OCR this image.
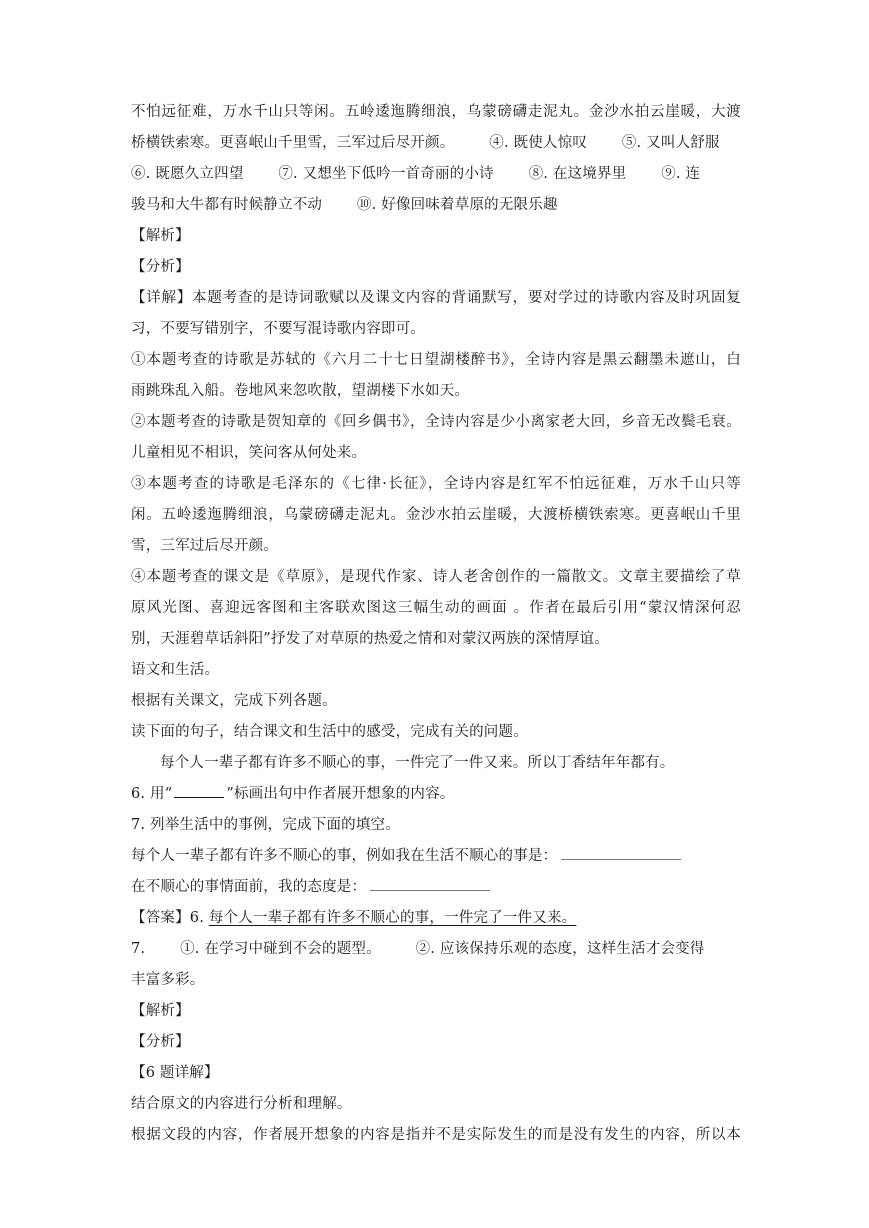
不怕远征难，万水千山只等闲。五岭逶迤腾细浪，乌蒙磅礴走泥丸。金沙水拍云崖暖，大渡
桥横铁索寒。更喜岷山千里雪，三军过后尽开颜。 ④. 既使人惊叹 ⑤. 又叫人舒服
⑥. 既愿久立四望 ⑦. 又想坐下低吟一首奇丽的小诗 ⑧. 在这境界里 ⑨. 连
骏马和大牛都有时候静立不动 ⑩. 好像回味着草原的无限乐趣
【解析】
【分析】
【详解】本题考查的是诗词歌赋以及课文内容的背诵默写，要对学过的诗歌内容及时巩固复
习，不要写错别字，不要写混诗歌内容即可。
①本题考查的诗歌是苏轼的《六月二十七日望湖楼醉书》，全诗内容是黑云翻墨未遮山，白
雨跳珠乱入船。卷地风来忽吹散，望湖楼下水如天。
②本题考查的诗歌是贺知章的《回乡偶书》，全诗内容是少小离家老大回，乡音无改鬓毛衰。
儿童相见不相识，笑问客从何处来。
③本题考查的诗歌是毛泽东的《七律·长征》，全诗内容是红军不怕远征难，万水千山只等
闲。五岭逶迤腾细浪，乌蒙磅礴走泥丸。金沙水拍云崖暖，大渡桥横铁索寒。更喜岷山千里
雪，三军过后尽开颜。
④本题考查的课文是《草原》，是现代作家、诗人老舍创作的一篇散文。文章主要描绘了草
原风光图、喜迎远客图和主客联欢图这三幅生动的画面 。作者在最后引用“蒙汉情深何忍
别，天涯碧草话斜阳”抒发了对草原的热爱之情和对蒙汉两族的深情厚谊。
语文和生活。
根据有关课文，完成下列各题。
读下面的句子，结合课文和生活中的感受，完成有关的问题。
每个人一辈子都有许多不顺心的事，一件完了一件又来。所以丁香结年年都有。
6. 用“	”标画出句中作者展开想象的内容。
7. 列举生活中的事例，完成下面的填空。
每个人一辈子都有许多不顺心的事，例如我在生活不顺心的事是：
在不顺心的事情面前，我的态度是：
【答案】6. 每个人一辈子都有许多不顺心的事，一件完了一件又来。
7. ①. 在学习中碰到不会的题型。 ②. 应该保持乐观的态度，这样生活才会变得
丰富多彩。
【解析】
【分析】
【6 题详解】
结合原文的内容进行分析和理解。
根据文段的内容，作者展开想象的内容是指并不是实际发生的而是没有发生的内容，所以本
